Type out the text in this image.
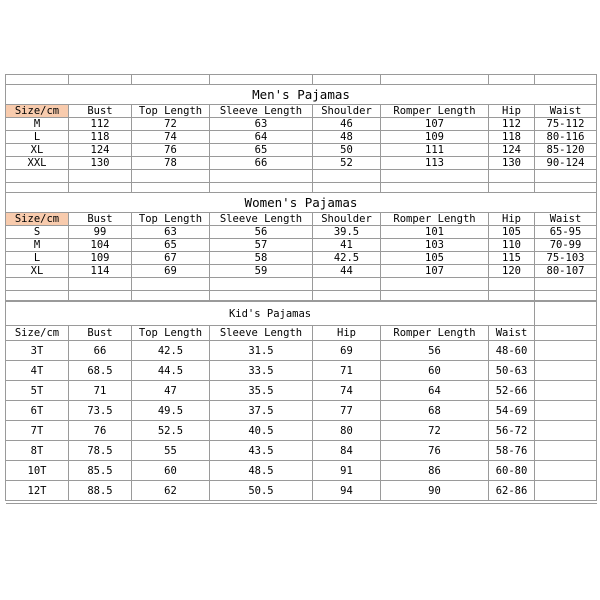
Men's Pajamas							
Size/cm	Bust	Top Length	Sleeve Length	Shoulder	Romper Length	Hip	Waist
M	112	72	63	46	107	112	75-112
L	118	74	64	48	109	118	80-116
XL	124	76	65	50	111	124	85-120
XXL	130	78	66	52	113	130	90-124

Women's Pajamas							
Size/cm	Bust	Top Length	Sleeve Length	Shoulder	Romper Length	Hip	Waist
S	99	63	56	39.5	101	105	65-95
M	104	65	57	41	103	110	70-99
L	109	67	58	42.5	105	115	75-103
XL	114	69	59	44	107	120	80-107

Kid's Pajamas							
Size/cm	Bust	Top Length	Sleeve Length	Hip	Romper Length	Waist	
3T	66	42.5	31.5	69	56	48-60	
4T	68.5	44.5	33.5	71	60	50-63	
5T	71	47	35.5	74	64	52-66	
6T	73.5	49.5	37.5	77	68	54-69	
7T	76	52.5	40.5	80	72	56-72	
8T	78.5	55	43.5	84	76	58-76	
10T	85.5	60	48.5	91	86	60-80	
12T	88.5	62	50.5	94	90	62-86	
